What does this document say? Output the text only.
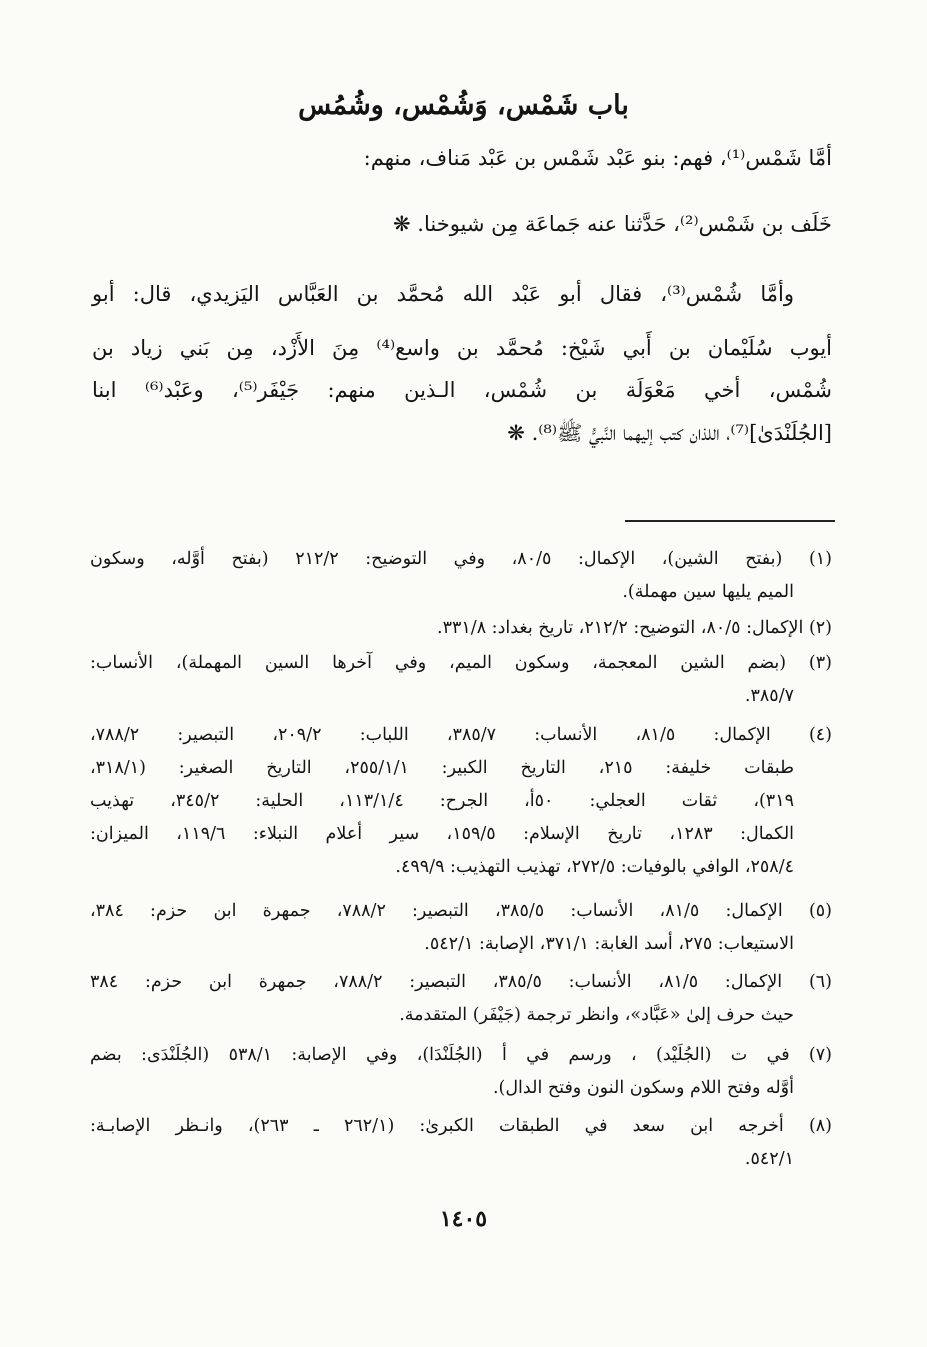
باب شَمْس، وَشُمْس، وشُمُس

أمَّا شَمْس⁽¹⁾، فهم: بنو عَبْد شَمْس بن عَبْد مَناف، منهم:

خَلَف بن شَمْس⁽²⁾، حَدَّثنا عنه جَماعَة مِن شيوخنا. ❋

وأمَّا شُمْس⁽³⁾، فقال أبو عَبْد الله مُحمَّد بن العَبَّاس اليَزيدي، قال: أبو

أيوب سُلَيْمان بن أَبي شَيْخ: مُحمَّد بن واسع⁽⁴⁾ مِنَ الأَزْد، مِن بَني زياد بن

شُمْس، أخي مَعْوَلَة بن شُمْس، الـذين منهم: جَيْفَر⁽⁵⁾، وعَبْد⁽⁶⁾ ابنا

[الجُلَنْدَىٰ]⁽⁷⁾، اللذان كتب إليهما النَّبيُّ ﷺ⁽⁸⁾. ❋

(١) (بفتح الشين)، الإكمال: ٨٠/٥، وفي التوضيح: ٢١٢/٢ (بفتح أوَّله، وسكون
الميم يليها سين مهملة).
(٢) الإكمال: ٨٠/٥، التوضيح: ٢١٢/٢، تاريخ بغداد: ٣٣١/٨.
(٣) (بضم الشين المعجمة، وسكون الميم، وفي آخرها السين المهملة)، الأنساب:
٣٨٥/٧.
(٤) الإكمال: ٨١/٥، الأنساب: ٣٨٥/٧، اللباب: ٢٠٩/٢، التبصير: ٧٨٨/٢،
طبقات خليفة: ٢١٥، التاريخ الكبير: ٢٥٥/١/١، التاريخ الصغير: (٣١٨/١،
٣١٩)، ثقات العجلي: ٥٠أ، الجرح: ١١٣/١/٤، الحلية: ٣٤٥/٢، تهذيب
الكمال: ١٢٨٣، تاريخ الإسلام: ١٥٩/٥، سير أعلام النبلاء: ١١٩/٦، الميزان:
٢٥٨/٤، الوافي بالوفيات: ٢٧٢/٥، تهذيب التهذيب: ٤٩٩/٩.
(٥) الإكمال: ٨١/٥، الأنساب: ٣٨٥/٥، التبصير: ٧٨٨/٢، جمهرة ابن حزم: ٣٨٤،
الاستيعاب: ٢٧٥، أسد الغابة: ٣٧١/١، الإصابة: ٥٤٢/١.
(٦) الإكمال: ٨١/٥، الأنساب: ٣٨٥/٥، التبصير: ٧٨٨/٢، جمهرة ابن حزم: ٣٨٤
حيث حرف إلىٰ «عَبَّاد»، وانظر ترجمة (جَيْفَر) المتقدمة.
(٧) في ت (الجُلَيْد) ، ورسم في أ (الجُلَنْدَا)، وفي الإصابة: ٥٣٨/١ (الجُلَنْدَى: بضم
أوَّله وفتح اللام وسكون النون وفتح الدال).
(٨) أخرجه ابن سعد في الطبقات الكبرىٰ: (٢٦٢/١ ـ ٢٦٣)، وانـظر الإصابـة:
٥٤٢/١.

١٤٠٥
